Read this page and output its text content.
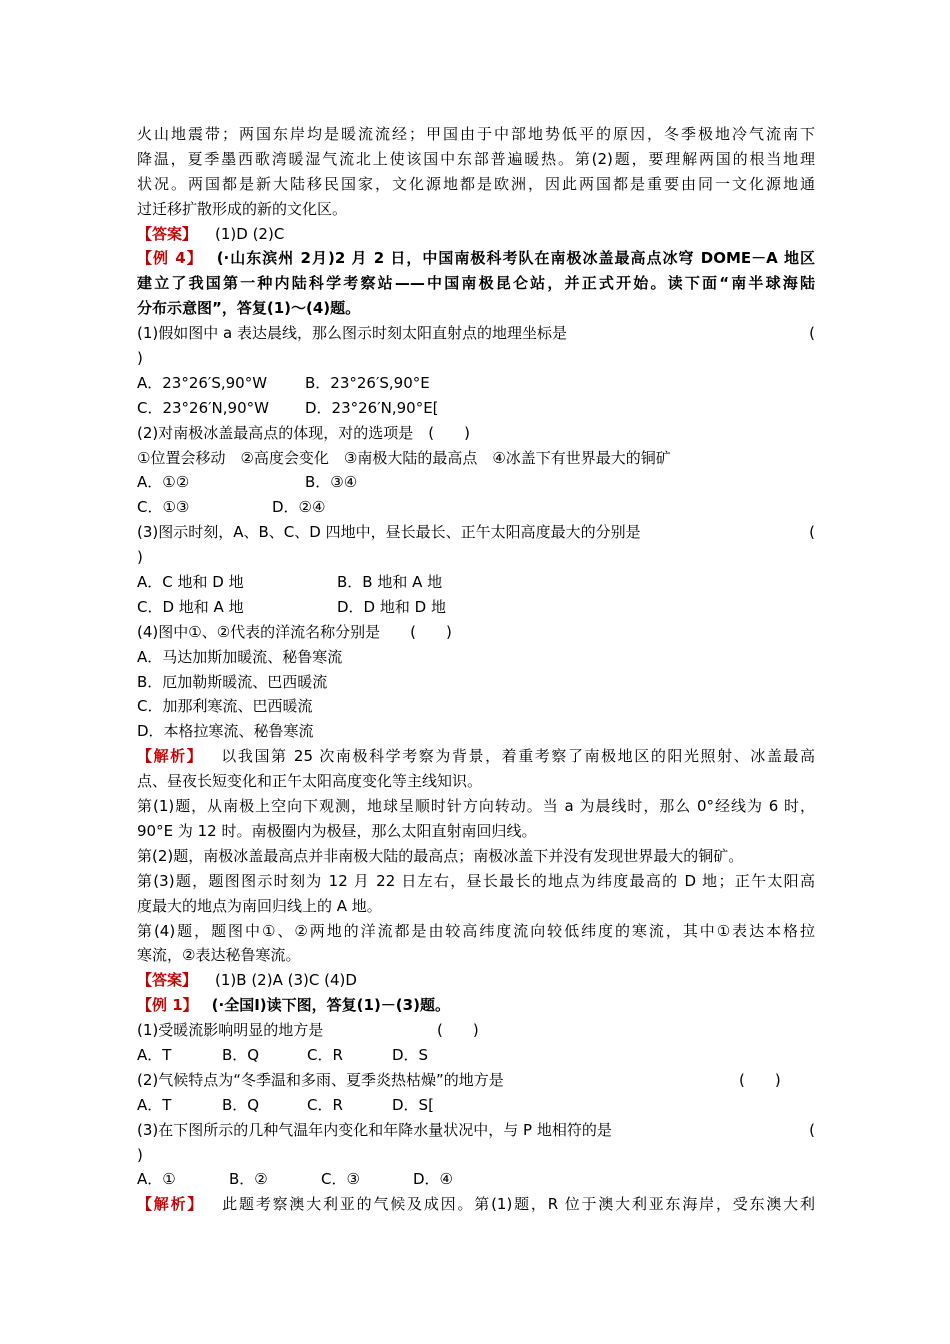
火山地震带；两国东岸均是暖流流经；甲国由于中部地势低平的原因，冬季极地冷气流南下
降温，夏季墨西歌湾暖湿气流北上使该国中东部普遍暖热。第(2)题，要理解两国的根当地理
状况。两国都是新大陆移民国家，文化源地都是欧洲，因此两国都是重要由同一文化源地通
过迁移扩散形成的新的文化区。
【答案】 (1)D (2)C
【例 4】 (·山东滨州 2月)2 月 2 日，中国南极科考队在南极冰盖最高点冰穹 DOME－A 地区
建立了我国第一种内陆科学考察站——中国南极昆仑站，并正式开始。读下面“南半球海陆
分布示意图”，答复(1)～(4)题。
(1)假如图中 a 表达晨线，那么图示时刻太阳直射点的地理坐标是	(
)
A．23°26′S,90°W	B．23°26′S,90°E
C．23°26′N,90°W D．23°26′N,90°E[
(2)对南极冰盖最高点的体现，对的选项是　(　　)
①位置会移动　②高度会变化　③南极大陆的最高点　④冰盖下有世界最大的铜矿
A．①②	B．③④
C．①③	D．②④
(3)图示时刻，A、B、C、D 四地中，昼长最长、正午太阳高度最大的分别是	(
)
A．C 地和 D 地	B．B 地和 A 地
C．D 地和 A 地	D．D 地和 D 地
(4)图中①、②代表的洋流名称分别是　　(　　)
A．马达加斯加暖流、秘鲁寒流
B．厄加勒斯暖流、巴西暖流
C．加那利寒流、巴西暖流
D．本格拉寒流、秘鲁寒流
【解析】 以我国第 25 次南极科学考察为背景，着重考察了南极地区的阳光照射、冰盖最高
点、昼夜长短变化和正午太阳高度变化等主线知识。
第(1)题，从南极上空向下观测，地球呈顺时针方向转动。当 a 为晨线时，那么 0°经线为 6 时，
90°E 为 12 时。南极圈内为极昼，那么太阳直射南回归线。
第(2)题，南极冰盖最高点并非南极大陆的最高点；南极冰盖下并没有发现世界最大的铜矿。
第(3)题，题图图示时刻为 12 月 22 日左右，昼长最长的地点为纬度最高的 D 地；正午太阳高
度最大的地点为南回归线上的 A 地。
第(4)题，题图中①、②两地的洋流都是由较高纬度流向较低纬度的寒流，其中①表达本格拉
寒流，②表达秘鲁寒流。
【答案】 (1)B (2)A (3)C (4)D
【例 1】 (·全国Ⅰ)读下图，答复(1)－(3)题。
(1)受暖流影响明显的地方是	(　　)
A．T	B．Q	C．R	D．S
(2)气候特点为“冬季温和多雨、夏季炎热枯燥”的地方是	(　　)
A．T	B．Q	C．R	D．S[
(3)在下图所示的几种气温年内变化和年降水量状况中，与 P 地相符的是	(
)
A．①	B．②	C．③	D．④
【解析】 此题考察澳大利亚的气候及成因。第(1)题，R 位于澳大利亚东海岸，受东澳大利
